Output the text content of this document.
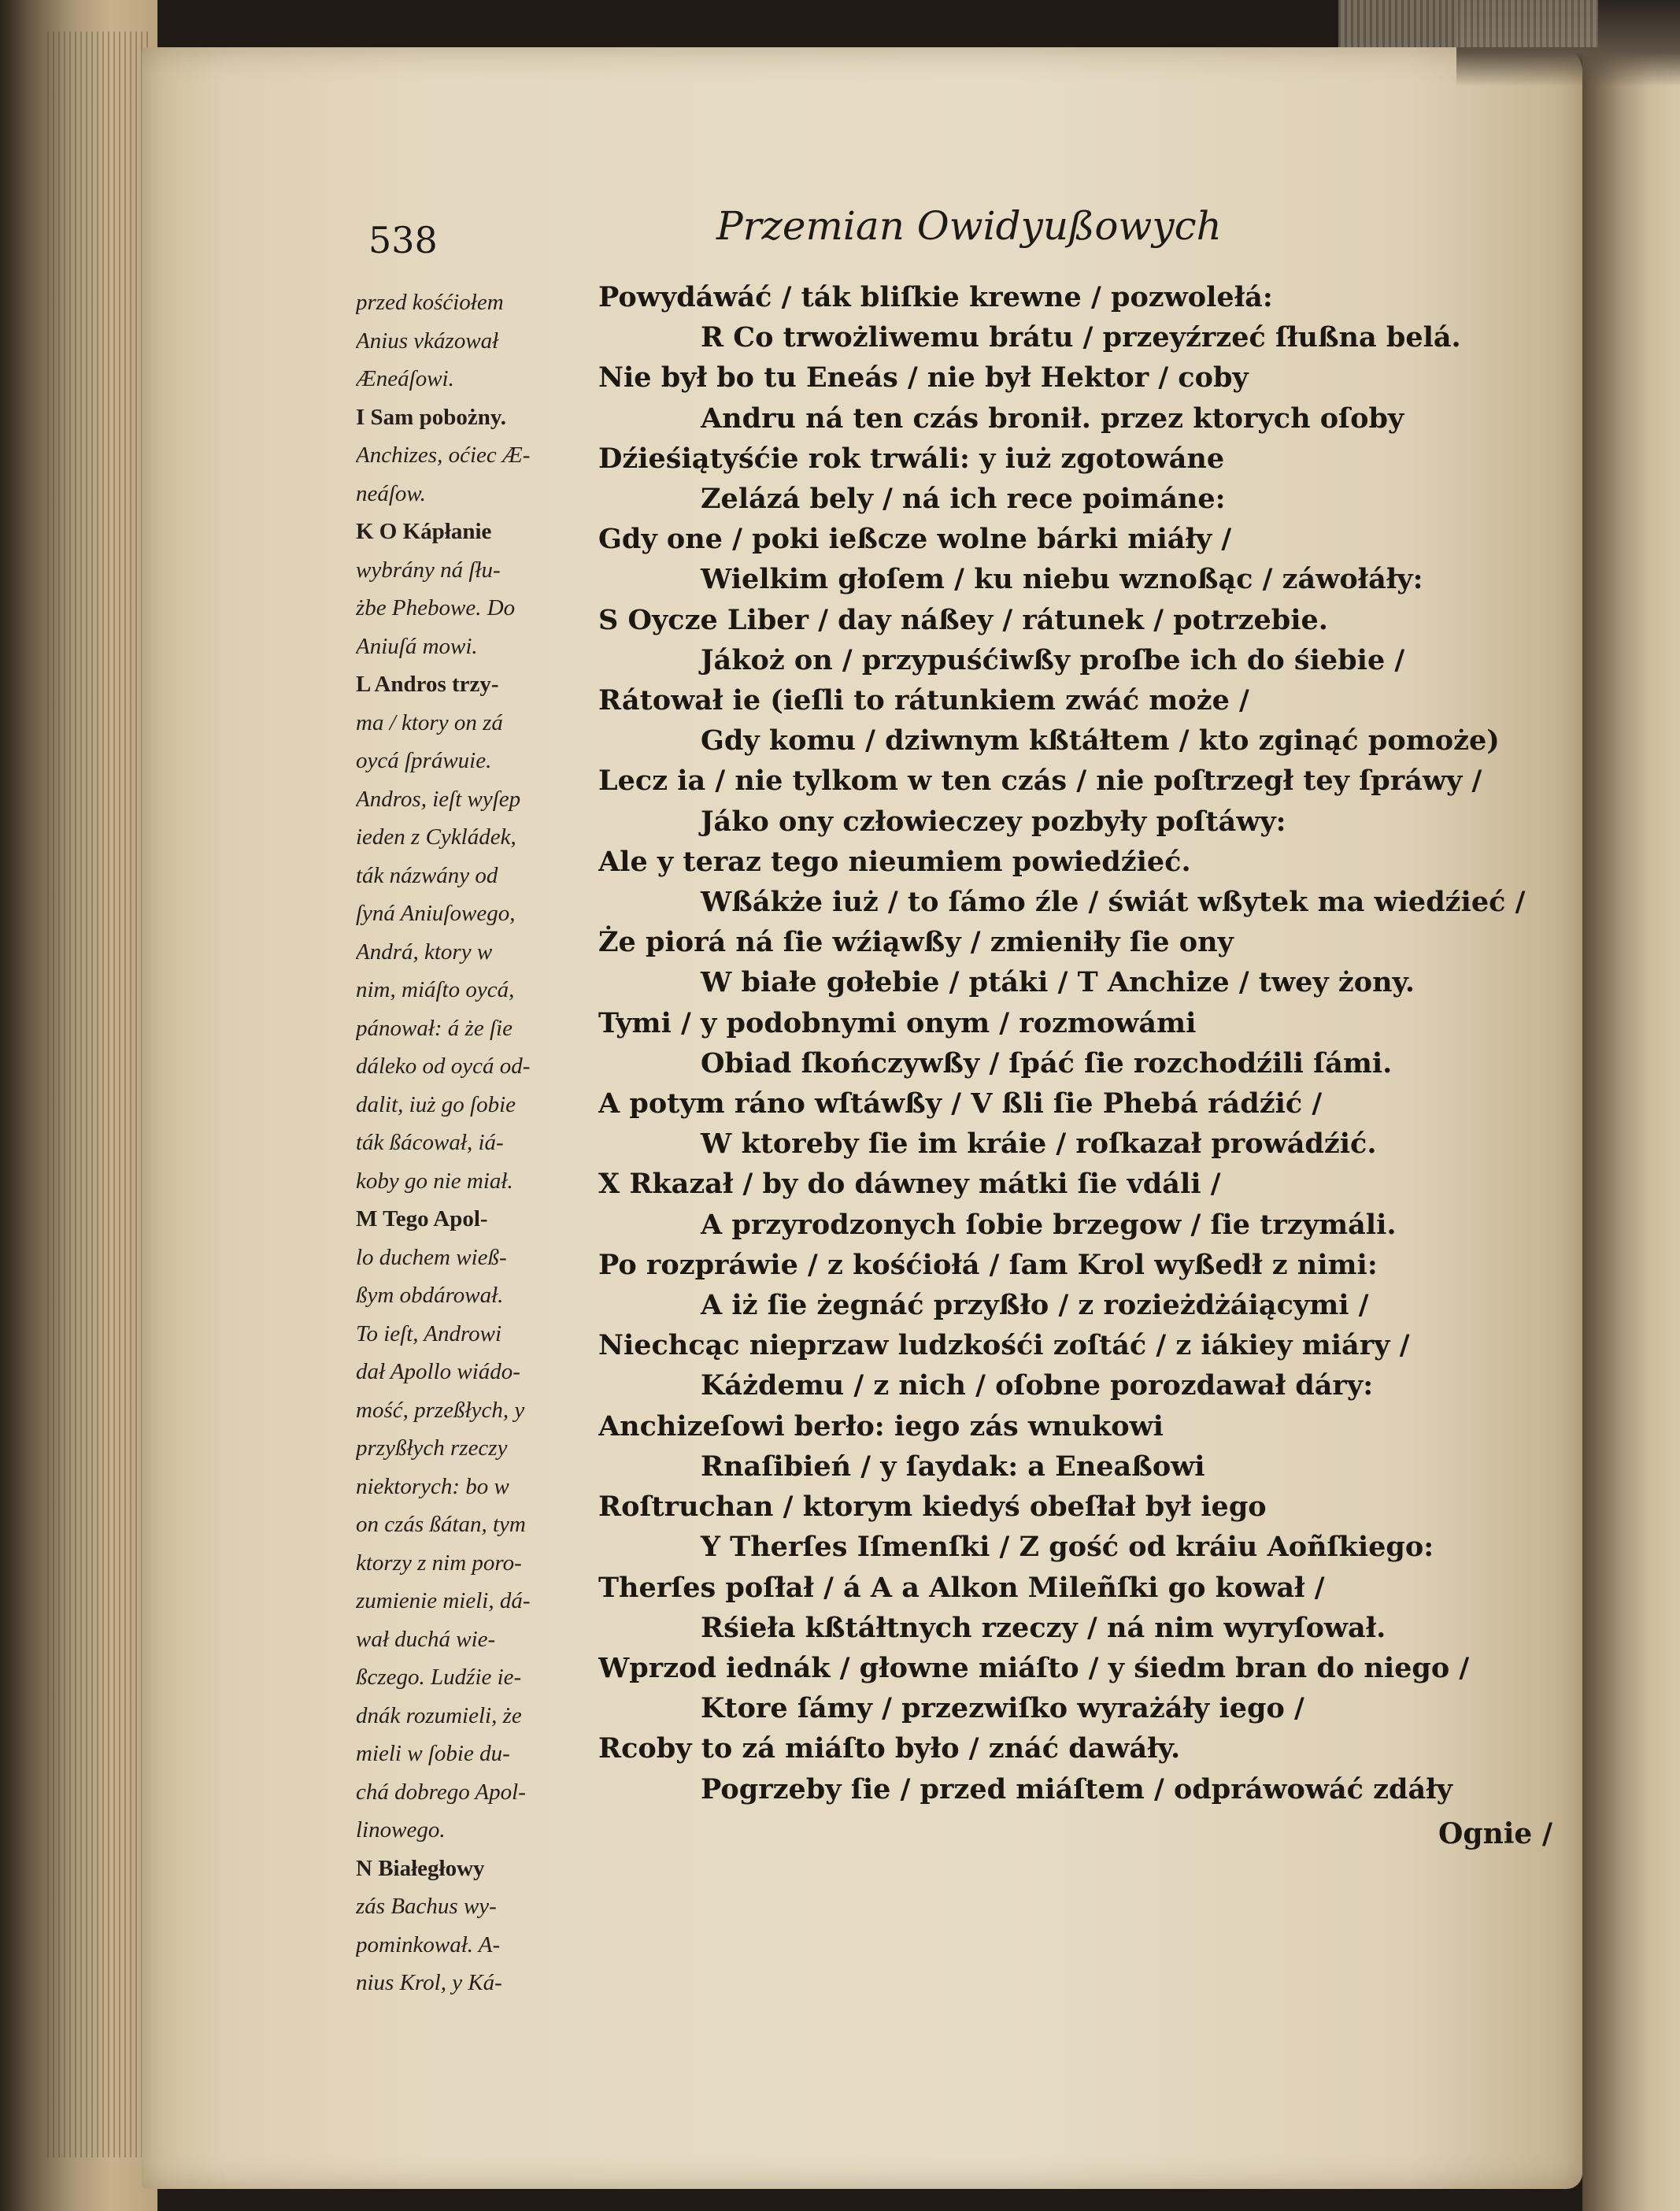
538	Przemian Owidyußowych
przed kośćiołem
Anius vkázował
Æneáſowi.
I Sam pobożny.
Anchizes, oćiec Æ-
neáſow.
K O Kápłanie
wybrány ná ſłu-
żbe Phebowe. Do
Aniuſá mowi.
L Andros trzy-
ma / ktory on zá
oycá ſpráwuie.
Andros, ieſt wyſep
ieden z Cykládek,
ták názwány od
ſyná Aniuſowego,
Andrá, ktory w
nim, miáſto oycá,
pánował: á że ſie
dáleko od oycá od-
dalit, iuż go ſobie
ták ßácował, iá-
koby go nie miał.
M Tego Apol-
lo duchem wieß-
ßym obdárował.
To ieſt, Androwi
dał Apollo wiádo-
mość, przeßłych, y
przyßłych rzeczy
niektorych: bo w
on czás ßátan, tym
ktorzy z nim poro-
zumienie mieli, dá-
wał duchá wie-
ßczego. Ludźie ie-
dnák rozumieli, że
mieli w ſobie du-
chá dobrego Apol-
linowego.
N Białegłowy
zás Bachus wy-
pominkował. A-
nius Krol, y Ká-
Powydáwáć / ták bliſkie krewne / pozwolełá:
R Co trwożliwemu brátu / przeyźrzeć ſłußna belá.
Nie był bo tu Eneás / nie był Hektor / coby
Andru ná ten czás bronił. przez ktorych oſoby
Dźieśiątyśćie rok trwáli: y iuż zgotowáne
Zelázá bely / ná ich rece poimáne:
Gdy one / poki ießcze wolne bárki miáły /
Wielkim głoſem / ku niebu wznoßąc / záwołáły:
S Oycze Liber / day náßey / rátunek / potrzebie.
Jákoż on / przypuśćiwßy proſbe ich do śiebie /
Rátował ie (ieſli to rátunkiem zwáć może /
Gdy komu / dziwnym kßtáłtem / kto zginąć pomoże)
Lecz ia / nie tylkom w ten czás / nie poſtrzegł tey ſpráwy /
Jáko ony człowieczey pozbyły poſtáwy:
Ale y teraz tego nieumiem powiedźieć.
Wßákże iuż / to ſámo źle / świát wßytek ma wiedźieć /
Że piorá ná ſie wźiąwßy / zmieniły ſie ony
W białe gołebie / ptáki / T Anchize / twey żony.
Tymi / y podobnymi onym / rozmowámi
Obiad ſkończywßy / ſpáć ſie rozchodźili ſámi.
A potym ráno wſtáwßy / V ßli ſie Phebá rádźić /
W ktoreby ſie im kráie / roſkazał prowádźić.
X Rkazał / by do dáwney mátki ſie vdáli /
A przyrodzonych ſobie brzegow / ſie trzymáli.
Po rozpráwie / z kośćiołá / ſam Krol wyßedł z nimi:
A iż ſie żegnáć przyßło / z rozieżdżáiącymi /
Niechcąc nieprzaw ludzkośći zoſtáć / z iákiey miáry /
Káżdemu / z nich / oſobne porozdawał dáry:
Anchizeſowi berło: iego zás wnukowi
Rnaſibień / y ſaydak: a Eneaßowi
Roſtruchan / ktorym kiedyś obeſłał był iego
Y Therſes Iſmenſki / Z gość od kráiu Aoñſkiego:
Therſes poſłał / á A a Alkon Mileñſki go kował /
Rśieła kßtáłtnych rzeczy / ná nim wyryſował.
Wprzod iednák / głowne miáſto / y śiedm bran do niego /
Ktore ſámy / przezwiſko wyrażáły iego /
Rcoby to zá miáſto było / znáć dawáły.
Pogrzeby ſie / przed miáſtem / odpráwowáć zdáły
Ognie /
